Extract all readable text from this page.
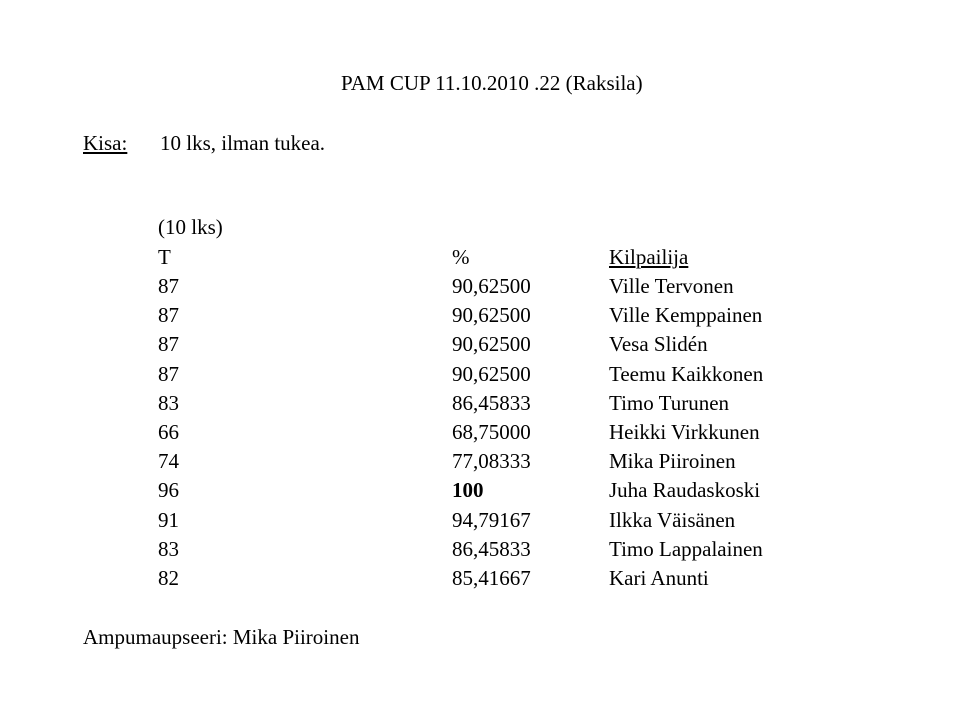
PAM CUP 11.10.2010 .22 (Raksila)
Kisa: 10 lks, ilman tukea.
(10 lks)
T	%	Kilpailija
87	90,62500	Ville Tervonen
87	90,62500	Ville Kemppainen
87	90,62500	Vesa Slidén
87	90,62500	Teemu Kaikkonen
83	86,45833	Timo Turunen
66	68,75000	Heikki Virkkunen
74	77,08333	Mika Piiroinen
96	100	Juha Raudaskoski
91	94,79167	Ilkka Väisänen
83	86,45833	Timo Lappalainen
82	85,41667	Kari Anunti
Ampumaupseeri: Mika Piiroinen
